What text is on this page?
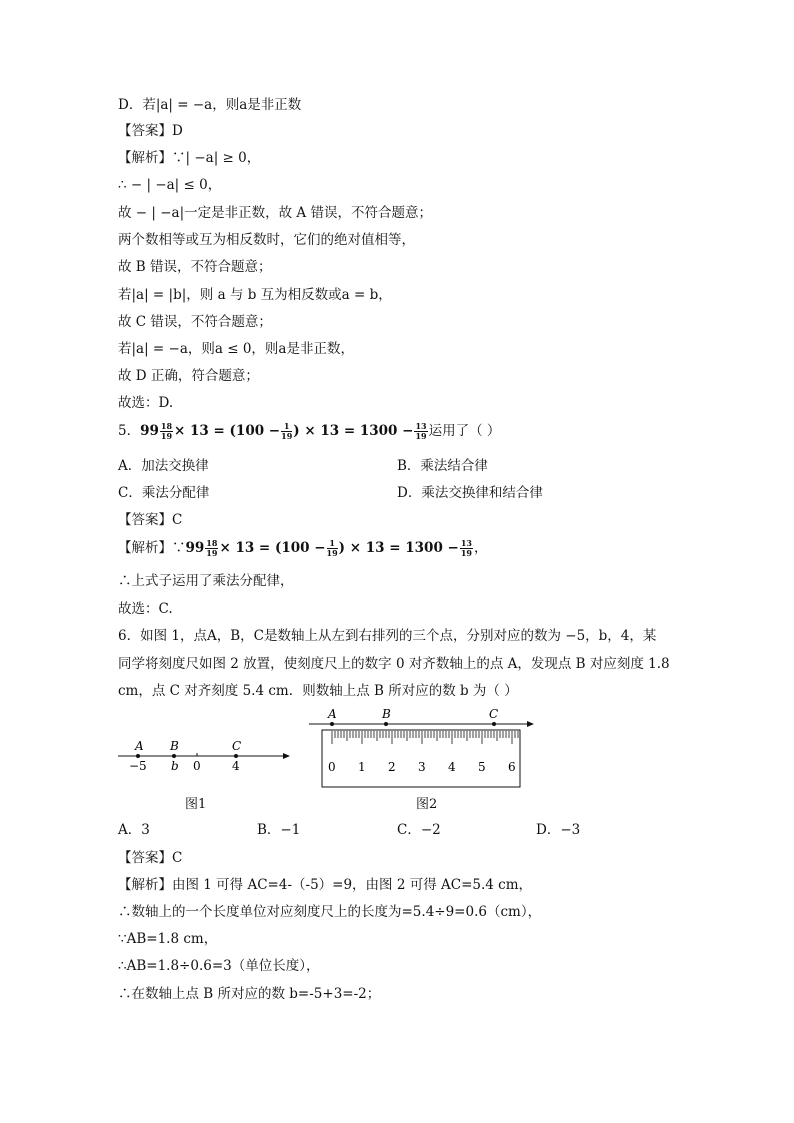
D．若|a| = −a，则a是非正数
【答案】D
【解析】∵| −a| ≥ 0，
∴ − | −a| ≤ 0，
故 − | −a|一定是非正数，故 A 错误，不符合题意；
两个数相等或互为相反数时，它们的绝对值相等，
故 B 错误，不符合题意；
若|a| = |b|，则 a 与 b 互为相反数或a = b，
故 C 错误，不符合题意；
若|a| = −a，则a ≤ 0，则a是非正数，
故 D 正确，符合题意；
故选：D.
5．$99 \frac{18}{19} \times 13 = (100 - \frac{1}{19}$ ) × $13 = 1300 - \frac{13}{19}$ 运用了（ ）
A．加法交换律	B．乘法结合律
C．乘法分配律	D．乘法交换律和结合律
【答案】C
【解析】∵99 $\frac{18}{19} \times 13 = (100 - \frac{1}{19}$ ) × $13 = 1300 - \frac{13}{19}$ ，
∴上式子运用了乘法分配律，
故选：C.
6．如图 1，点A，B，C是数轴上从左到右排列的三个点，分别对应的数为 −5，b，4，某
同学将刻度尺如图 2 放置，使刻度尺上的数字 0 对齐数轴上的点 A，发现点 B 对应刻度 1.8
cm，点 C 对齐刻度 5.4 cm．则数轴上点 B 所对应的数 b 为（ ）
A
−5
B
b 0
C
4
A	B	C
0 1 2 3 4 5 6
图1	图2
A．3	B．−1	C．−2	D．−3
【答案】C
【解析】由图 1 可得 AC=4-（-5）=9，由图 2 可得 AC=5.4 cm，
∴数轴上的一个长度单位对应刻度尺上的长度为=5.4÷9=0.6（cm），
∵AB=1.8 cm，
∴AB=1.8÷0.6=3（单位长度），
∴在数轴上点 B 所对应的数 b=-5+3=-2；
